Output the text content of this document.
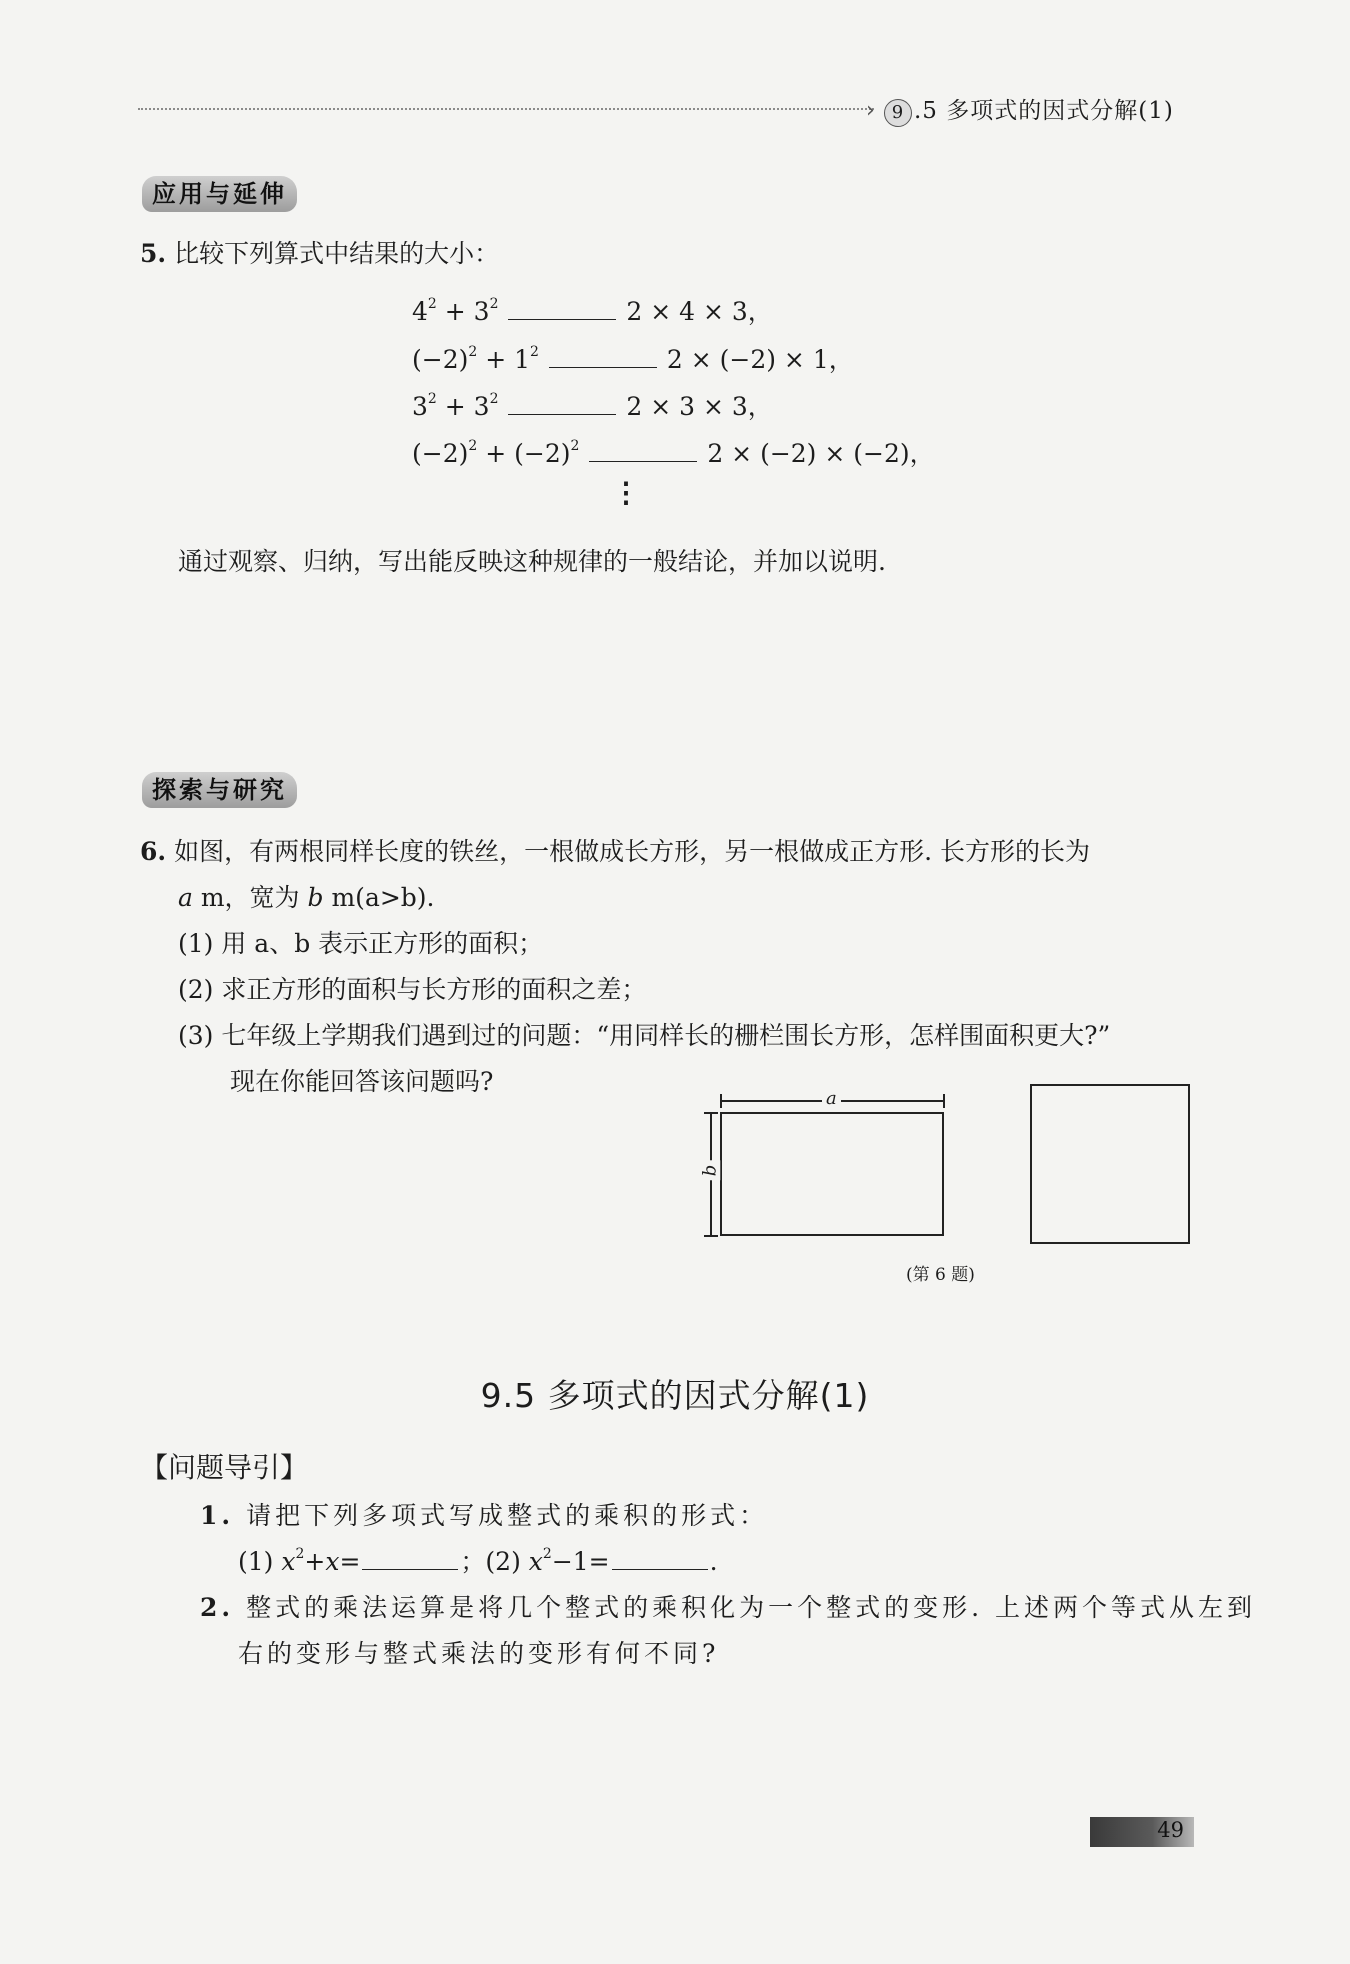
› 9 .5 多项式的因式分解(1)
应用与延伸
5. 比较下列算式中结果的大小：
$4^2 + 3^2$	2 × 4 × 3，
$(-2)^2 + 1^2$	2 × (−2) × 1，
$3^2 + 3^2$	2 × 3 × 3，
$(-2)^2 + (-2)^2$	2 × (−2) × (−2)，
⋮
通过观察、归纳，写出能反映这种规律的一般结论，并加以说明.
探索与研究
6. 如图，有两根同样长度的铁丝，一根做成长方形，另一根做成正方形. 长方形的长为
a m，宽为 b m(a>b).
(1) 用 a、b 表示正方形的面积；
(2) 求正方形的面积与长方形的面积之差；
(3) 七年级上学期我们遇到过的问题：“用同样长的栅栏围长方形，怎样围面积更大?”
现在你能回答该问题吗?
a
b
(第 6 题)
9.5 多项式的因式分解(1)
【问题导引】
1. 请把下列多项式写成整式的乘积的形式：
(1) $x^2+x=$	；(2) $x^2-1=$	.
2. 整式的乘法运算是将几个整式的乘积化为一个整式的变形. 上述两个等式从左到
右的变形与整式乘法的变形有何不同?
49
